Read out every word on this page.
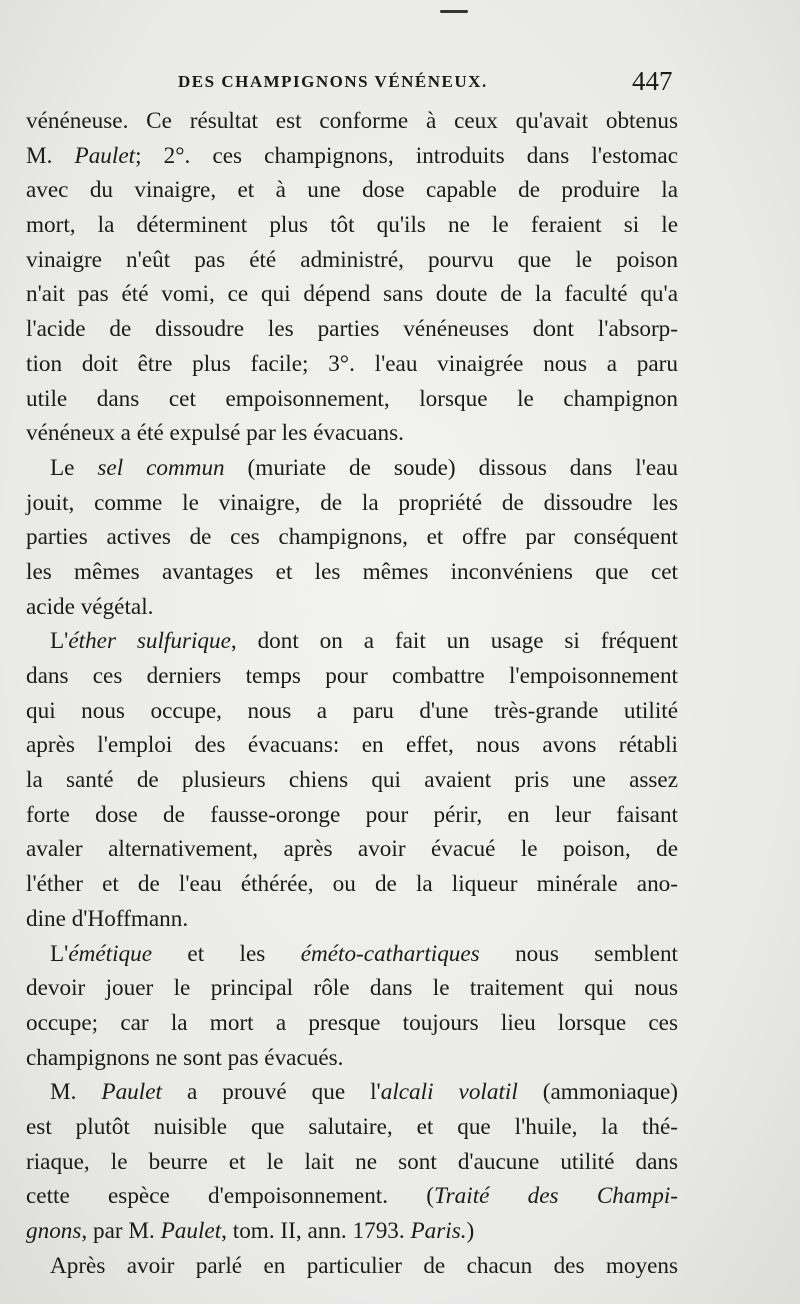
DES CHAMPIGNONS VÉNÉNEUX.	447
vénéneuse. Ce résultat est conforme à ceux qu'avait obtenus
M. Paulet; 2°. ces champignons, introduits dans l'estomac
avec du vinaigre, et à une dose capable de produire la
mort, la déterminent plus tôt qu'ils ne le feraient si le
vinaigre n'eût pas été administré, pourvu que le poison
n'ait pas été vomi, ce qui dépend sans doute de la faculté qu'a
l'acide de dissoudre les parties vénéneuses dont l'absorp-
tion doit être plus facile; 3°. l'eau vinaigrée nous a paru
utile dans cet empoisonnement, lorsque le champignon
vénéneux a été expulsé par les évacuans.
Le sel commun (muriate de soude) dissous dans l'eau
jouit, comme le vinaigre, de la propriété de dissoudre les
parties actives de ces champignons, et offre par conséquent
les mêmes avantages et les mêmes inconvéniens que cet
acide végétal.
L'éther sulfurique, dont on a fait un usage si fréquent
dans ces derniers temps pour combattre l'empoisonnement
qui nous occupe, nous a paru d'une très-grande utilité
après l'emploi des évacuans: en effet, nous avons rétabli
la santé de plusieurs chiens qui avaient pris une assez
forte dose de fausse-oronge pour périr, en leur faisant
avaler alternativement, après avoir évacué le poison, de
l'éther et de l'eau éthérée, ou de la liqueur minérale ano-
dine d'Hoffmann.
L'émétique et les éméto-cathartiques nous semblent
devoir jouer le principal rôle dans le traitement qui nous
occupe; car la mort a presque toujours lieu lorsque ces
champignons ne sont pas évacués.
M. Paulet a prouvé que l'alcali volatil (ammoniaque)
est plutôt nuisible que salutaire, et que l'huile, la thé-
riaque, le beurre et le lait ne sont d'aucune utilité dans
cette espèce d'empoisonnement. (Traité des Champi-
gnons, par M. Paulet, tom. II, ann. 1793. Paris.)
Après avoir parlé en particulier de chacun des moyens
